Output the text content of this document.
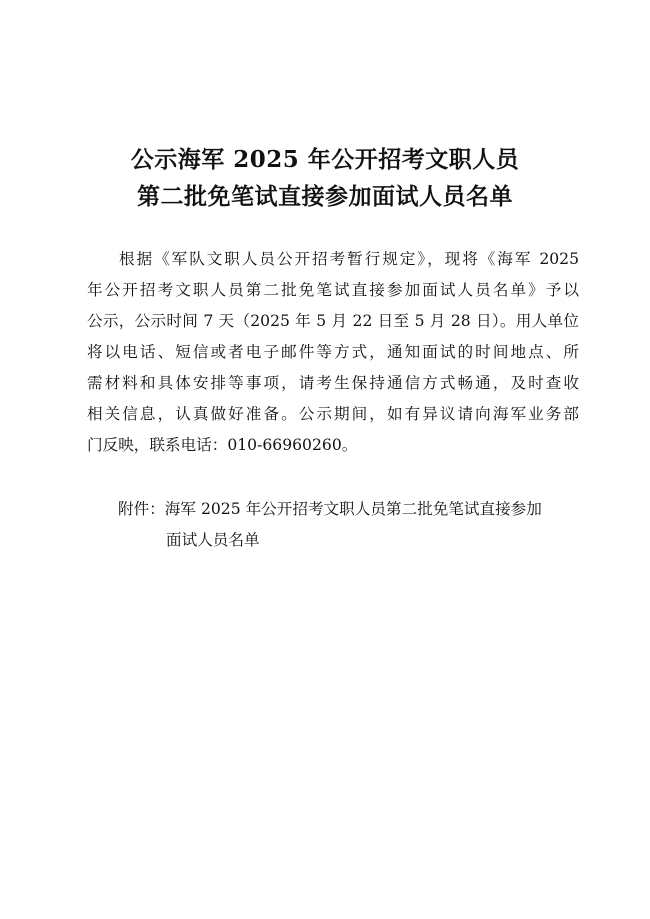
公示海军 2025 年公开招考文职人员
第二批免笔试直接参加面试人员名单
根据《军队文职人员公开招考暂行规定》，现将《海军 2025
年公开招考文职人员第二批免笔试直接参加面试人员名单》予以
公示，公示时间 7 天（2025 年 5 月 22 日至 5 月 28 日）。用人单位
将以电话、短信或者电子邮件等方式，通知面试的时间地点、所
需材料和具体安排等事项，请考生保持通信方式畅通，及时查收
相关信息，认真做好准备。公示期间，如有异议请向海军业务部
门反映，联系电话：010-66960260。
附件： 海军 2025 年公开招考文职人员第二批免笔试直接参加
面试人员名单
